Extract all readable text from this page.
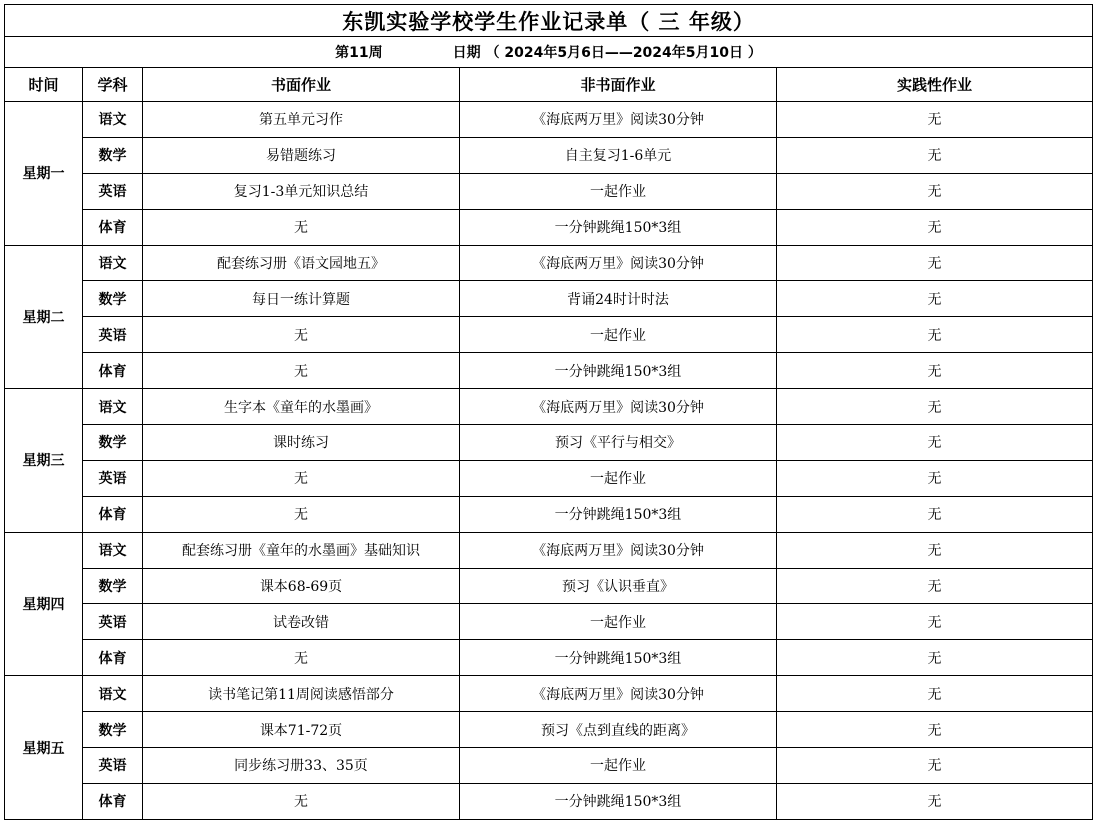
东凯实验学校学生作业记录单（ 三 年级）				
第11周 日期 （ 2024年5月6日——2024年5月10日 ）				
时间	学科	书面作业	非书面作业	实践性作业
星期一	语文	第五单元习作	《海底两万里》阅读30分钟	无
	数学	易错题练习	自主复习1-6单元	无
	英语	复习1-3单元知识总结	一起作业	无
	体育	无	一分钟跳绳150*3组	无
星期二	语文	配套练习册《语文园地五》	《海底两万里》阅读30分钟	无
	数学	每日一练计算题	背诵24时计时法	无
	英语	无	一起作业	无
	体育	无	一分钟跳绳150*3组	无
星期三	语文	生字本《童年的水墨画》	《海底两万里》阅读30分钟	无
	数学	课时练习	预习《平行与相交》	无
	英语	无	一起作业	无
	体育	无	一分钟跳绳150*3组	无
星期四	语文	配套练习册《童年的水墨画》基础知识	《海底两万里》阅读30分钟	无
	数学	课本68-69页	预习《认识垂直》	无
	英语	试卷改错	一起作业	无
	体育	无	一分钟跳绳150*3组	无
星期五	语文	读书笔记第11周阅读感悟部分	《海底两万里》阅读30分钟	无
	数学	课本71-72页	预习《点到直线的距离》	无
	英语	同步练习册33、35页	一起作业	无
	体育	无	一分钟跳绳150*3组	无
